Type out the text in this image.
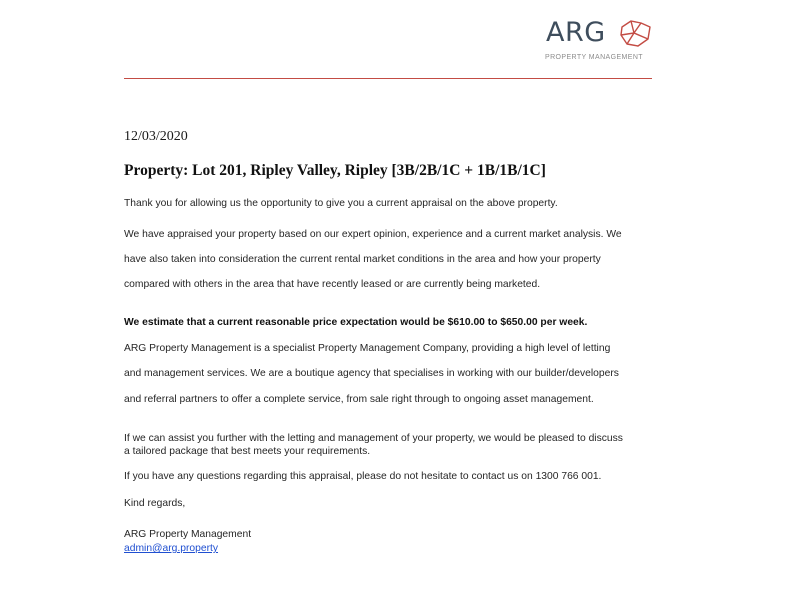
ARG
PROPERTY MANAGEMENT
12/03/2020
Property: Lot 201, Ripley Valley, Ripley [3B/2B/1C + 1B/1B/1C]
Thank you for allowing us the opportunity to give you a current appraisal on the above property.
We have appraised your property based on our expert opinion, experience and a current market analysis. We
have also taken into consideration the current rental market conditions in the area and how your property
compared with others in the area that have recently leased or are currently being marketed.
We estimate that a current reasonable price expectation would be $610.00 to $650.00 per week.
ARG Property Management is a specialist Property Management Company, providing a high level of letting
and management services. We are a boutique agency that specialises in working with our builder/developers
and referral partners to offer a complete service, from sale right through to ongoing asset management.
If we can assist you further with the letting and management of your property, we would be pleased to discuss
a tailored package that best meets your requirements.
If you have any questions regarding this appraisal, please do not hesitate to contact us on 1300 766 001.
Kind regards,
ARG Property Management
admin@arg.property
